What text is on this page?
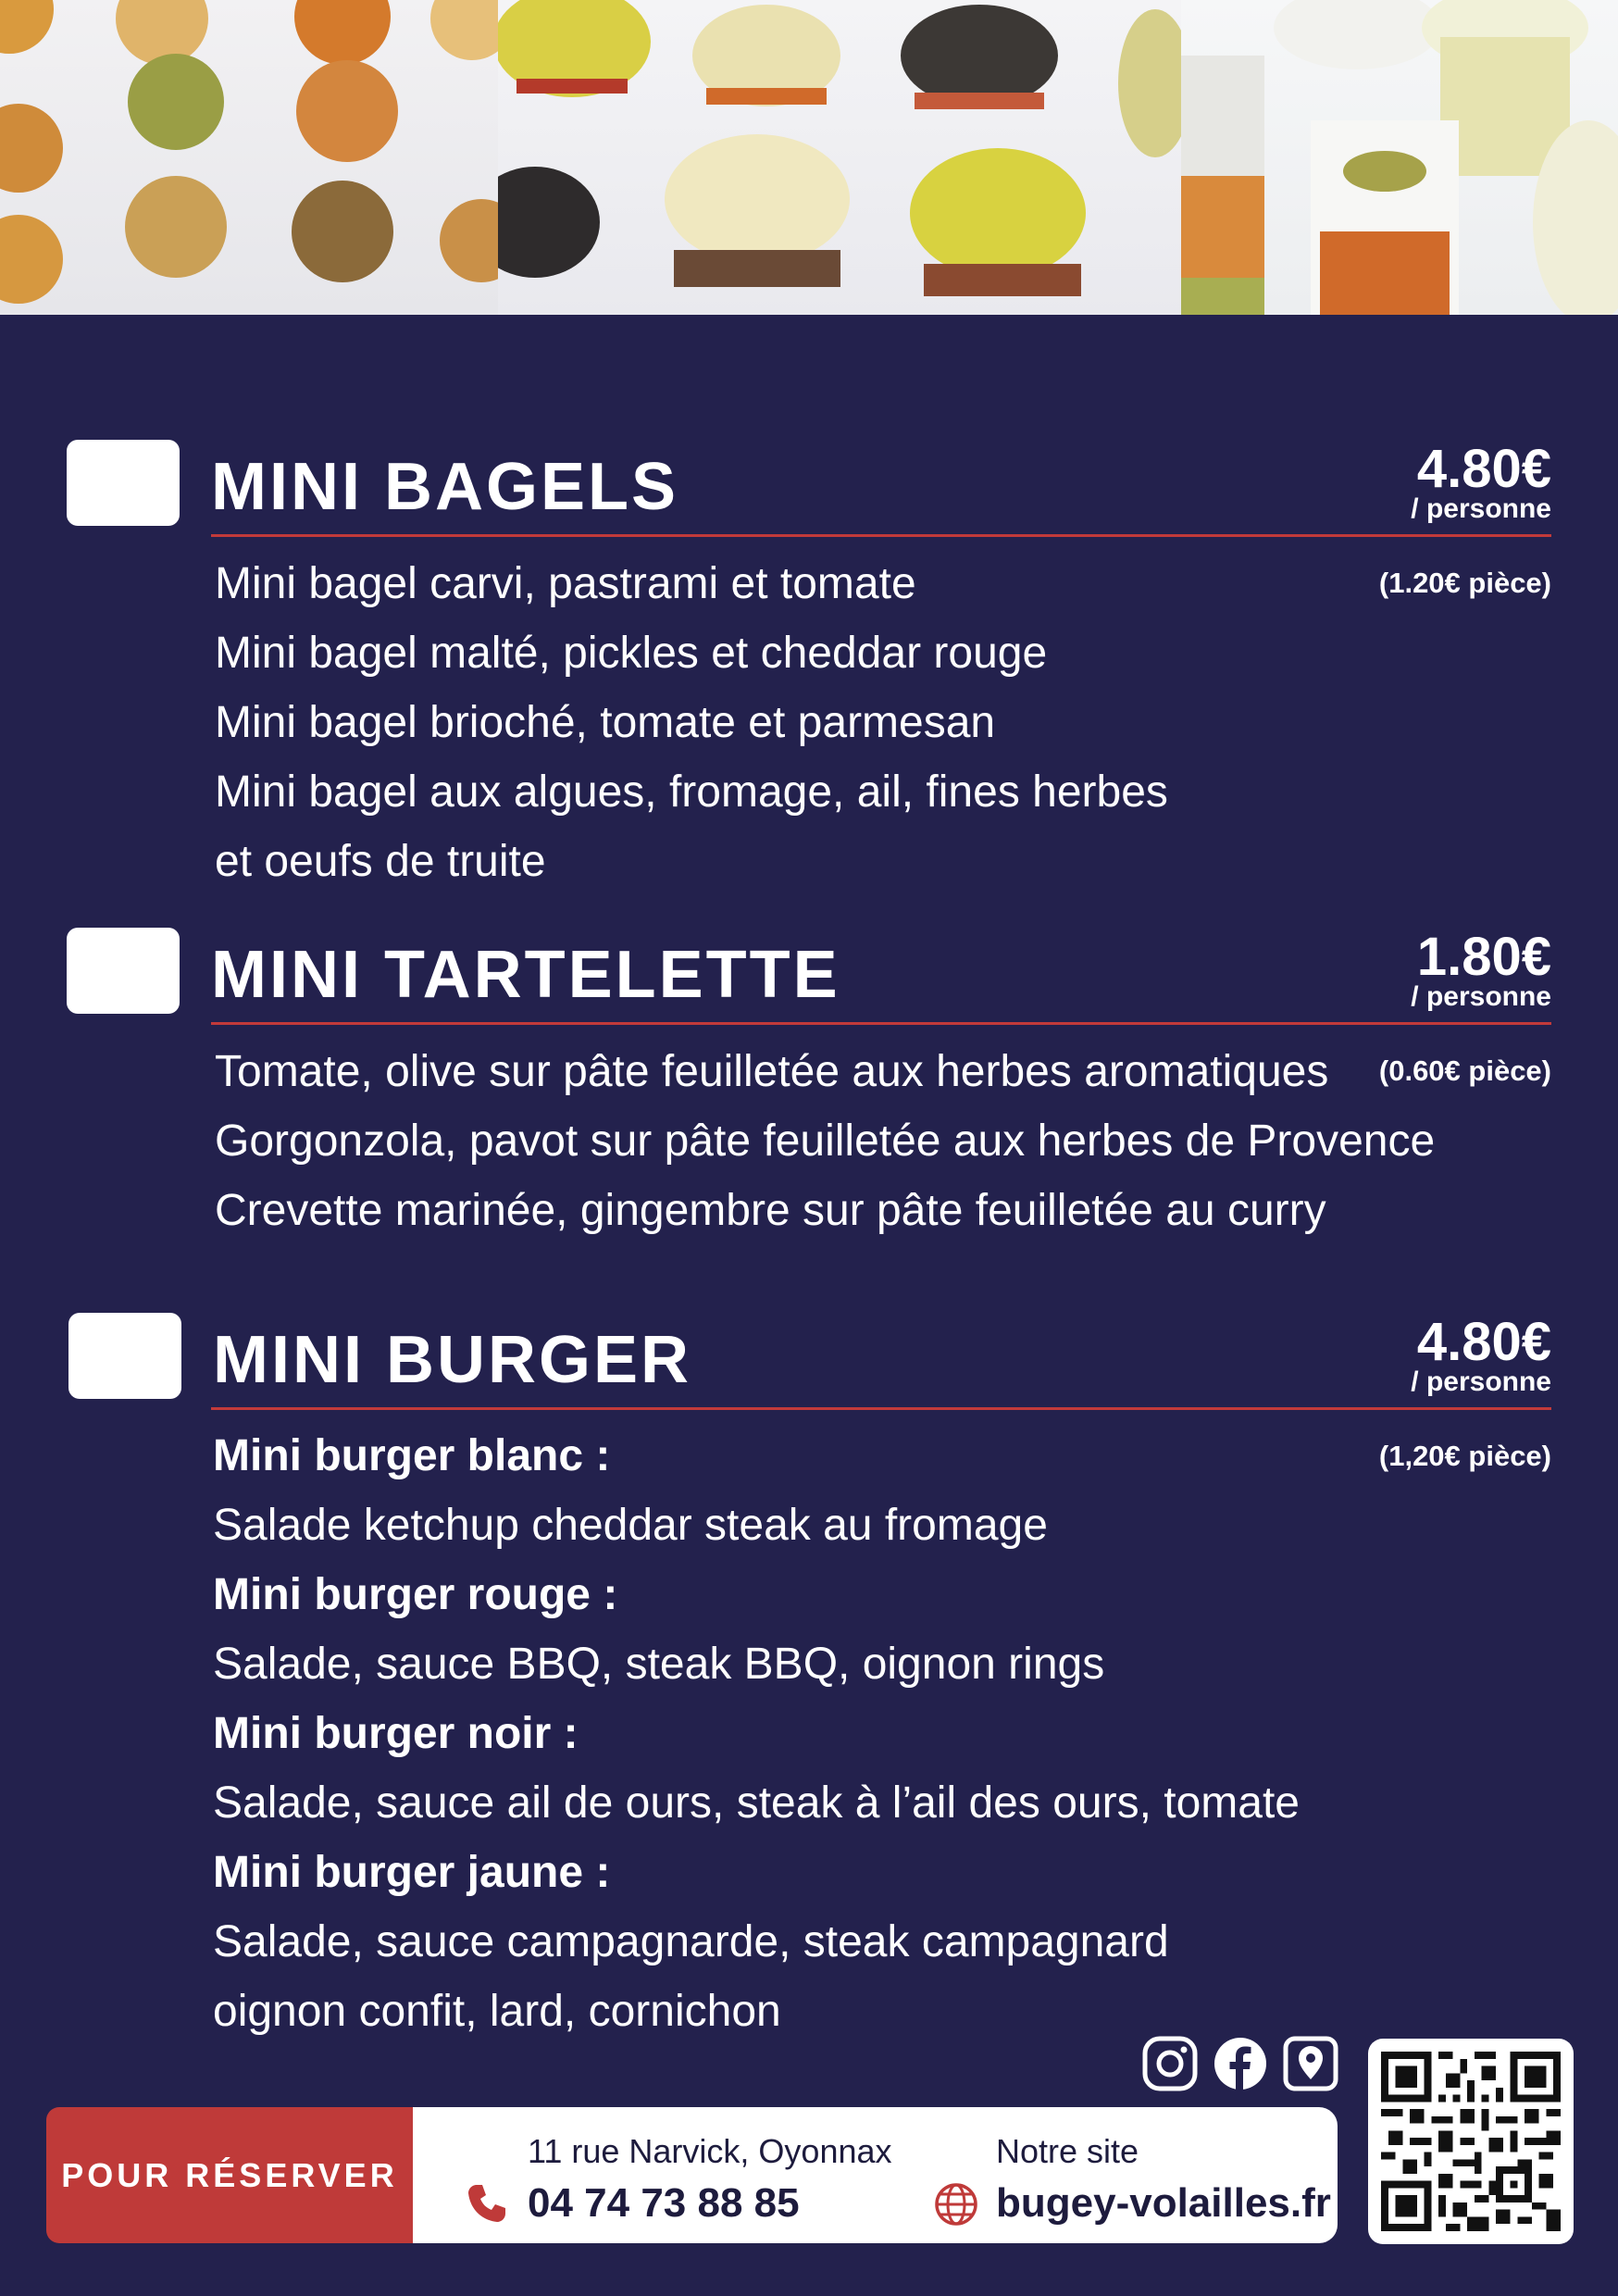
MINI BAGELS	4.80€
/ personne
(1.20€ pièce)
Mini bagel carvi, pastrami et tomate
Mini bagel malté, pickles et cheddar rouge
Mini bagel brioché, tomate et parmesan
Mini bagel aux algues, fromage, ail, fines herbes
et oeufs de truite
MINI TARTELETTE	1.80€
/ personne
(0.60€ pièce)
Tomate, olive sur pâte feuilletée aux herbes aromatiques
Gorgonzola, pavot sur pâte feuilletée aux herbes de Provence
Crevette marinée, gingembre sur pâte feuilletée au curry
MINI BURGER	4.80€
/ personne
(1,20€ pièce)
Mini burger blanc :
Salade ketchup cheddar steak au fromage
Mini burger rouge :
Salade, sauce BBQ, steak BBQ, oignon rings
Mini burger noir :
Salade, sauce ail de ours, steak à l’ail des ours, tomate
Mini burger jaune :
Salade, sauce campagnarde, steak campagnard
oignon confit, lard, cornichon
POUR RÉSERVER
11 rue Narvick, Oyonnax
04 74 73 88 85
Notre site
bugey-volailles.fr
